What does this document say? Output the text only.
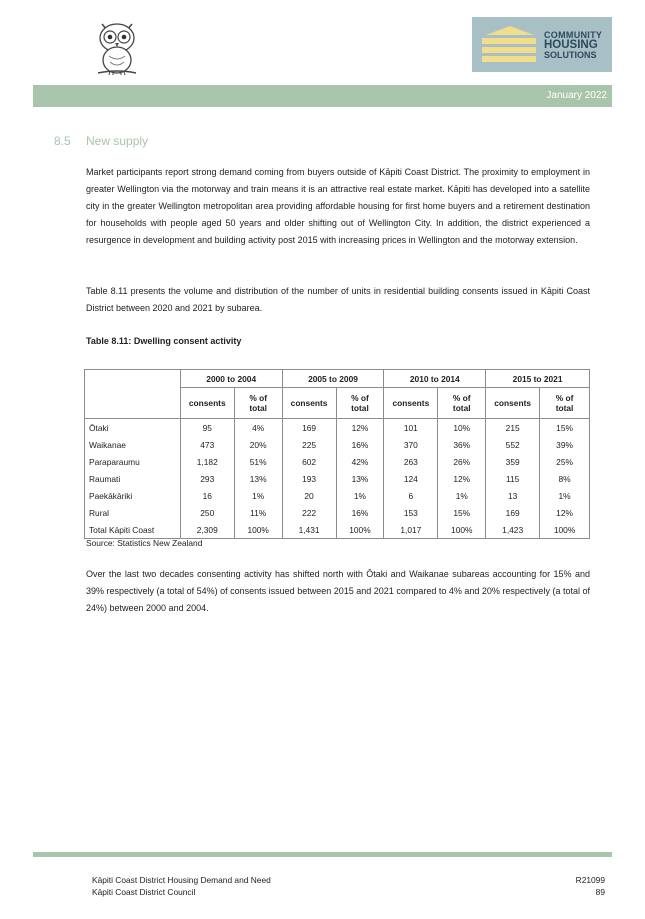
COMMUNITY
HOUSING
SOLUTIONS
January 2022
8.5 New supply

Market participants report strong demand coming from buyers outside of Kāpiti Coast District. The proximity to employment in greater Wellington via the motorway and train means it is an attractive real estate market. Kāpiti has developed into a satellite city in the greater Wellington metropolitan area providing affordable housing for first home buyers and a retirement destination for households with people aged 50 years and older shifting out of Wellington City. In addition, the district experienced a resurgence in development and building activity post 2015 with increasing prices in Wellington and the motorway extension.

Table 8.11 presents the volume and distribution of the number of units in residential building consents issued in Kāpiti Coast District between 2020 and 2021 by subarea.

Table 8.11: Dwelling consent activity
	2000 to 2004		2005 to 2009		2010 to 2014		2015 to 2021	
	consents	% of
total	consents	% of
total	consents	% of
total	consents	% of
total
Ōtaki	95	4%	169	12%	101	10%	215	15%
Waikanae	473	20%	225	16%	370	36%	552	39%
Paraparaumu	1,182	51%	602	42%	263	26%	359	25%
Raumati	293	13%	193	13%	124	12%	115	8%
Paekākāriki	16	1%	20	1%	6	1%	13	1%
Rural	250	11%	222	16%	153	15%	169	12%
Total Kāpiti Coast	2,309	100%	1,431	100%	1,017	100%	1,423	100%
Source: Statistics New Zealand

Over the last two decades consenting activity has shifted north with Ōtaki and Waikanae subareas accounting for 15% and 39% respectively (a total of 54%) of consents issued between 2015 and 2021 compared to 4% and 20% respectively (a total of 24%) between 2000 and 2004.

Kāpiti Coast District Housing Demand and Need
Kāpiti Coast District Council
R21099
89
